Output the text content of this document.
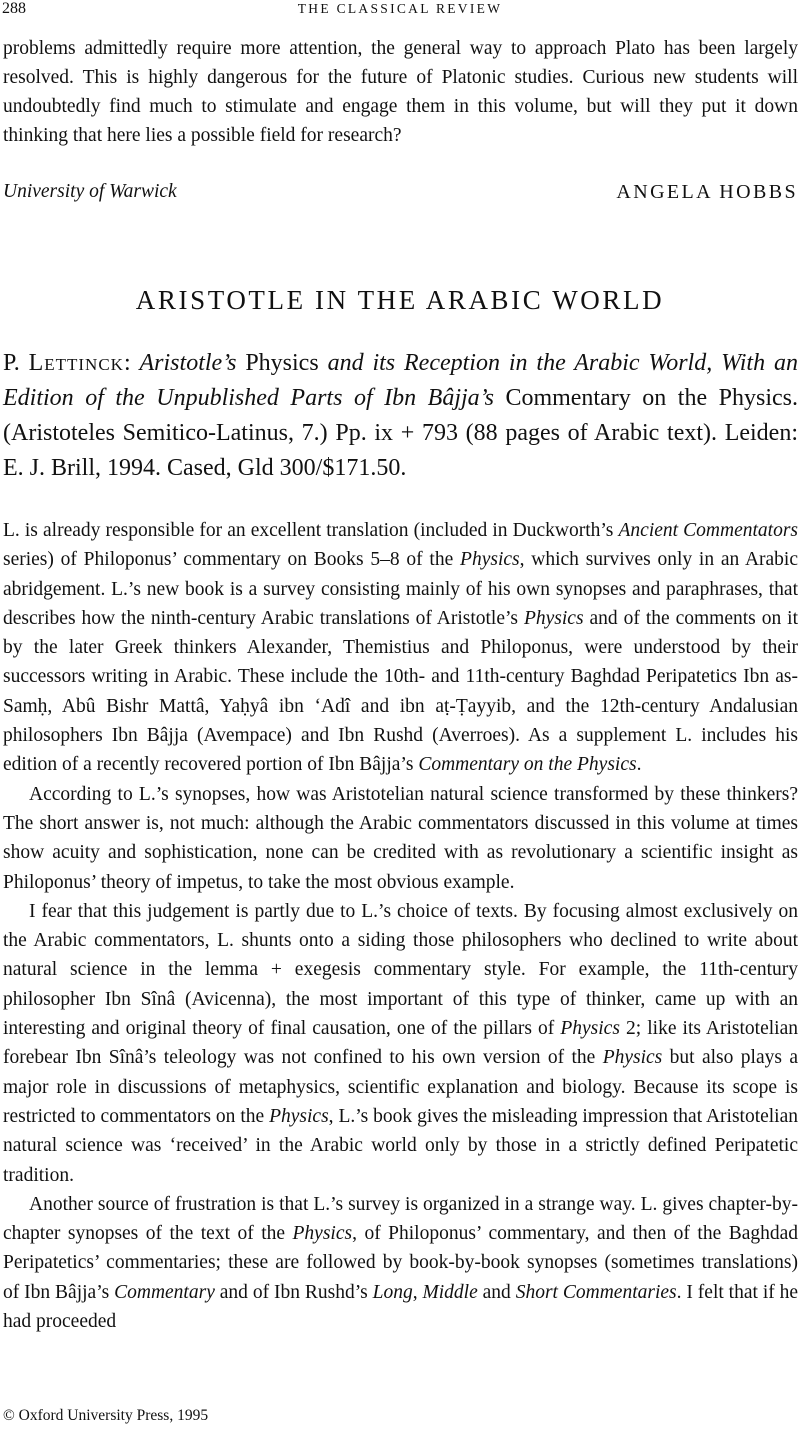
288	THE CLASSICAL REVIEW

problems admittedly require more attention, the general way to approach Plato has been largely resolved. This is highly dangerous for the future of Platonic studies. Curious new students will undoubtedly find much to stimulate and engage them in this volume, but will they put it down thinking that here lies a possible field for research?

University of Warwick	ANGELA HOBBS
ARISTOTLE IN THE ARABIC WORLD

P. Lettinck: Aristotle’s Physics and its Reception in the Arabic World, With an Edition of the Unpublished Parts of Ibn Bâjja’s Commentary on the Physics. (Aristoteles Semitico-Latinus, 7.) Pp. ix + 793 (88 pages of Arabic text). Leiden: E. J. Brill, 1994. Cased, Gld 300/$171.50.

L. is already responsible for an excellent translation (included in Duckworth’s Ancient Commentators series) of Philoponus’ commentary on Books 5–8 of the Physics, which survives only in an Arabic abridgement. L.’s new book is a survey consisting mainly of his own synopses and paraphrases, that describes how the ninth-century Arabic translations of Aristotle’s Physics and of the comments on it by the later Greek thinkers Alexander, Themistius and Philoponus, were understood by their successors writing in Arabic. These include the 10th- and 11th-century Baghdad Peripatetics Ibn as-Samḥ, Abû Bishr Mattâ, Yaḥyâ ibn ‘Adî and ibn aṭ-Ṭayyib, and the 12th-century Andalusian philosophers Ibn Bâjja (Avempace) and Ibn Rushd (Averroes). As a supplement L. includes his edition of a recently recovered portion of Ibn Bâjja’s Commentary on the Physics.

According to L.’s synopses, how was Aristotelian natural science transformed by these thinkers? The short answer is, not much: although the Arabic commentators discussed in this volume at times show acuity and sophistication, none can be credited with as revolutionary a scientific insight as Philoponus’ theory of impetus, to take the most obvious example.

I fear that this judgement is partly due to L.’s choice of texts. By focusing almost exclusively on the Arabic commentators, L. shunts onto a siding those philosophers who declined to write about natural science in the lemma + exegesis commentary style. For example, the 11th-century philosopher Ibn Sînâ (Avicenna), the most important of this type of thinker, came up with an interesting and original theory of final causation, one of the pillars of Physics 2; like its Aristotelian forebear Ibn Sînâ’s teleology was not confined to his own version of the Physics but also plays a major role in discussions of metaphysics, scientific explanation and biology. Because its scope is restricted to commentators on the Physics, L.’s book gives the misleading impression that Aristotelian natural science was ‘received’ in the Arabic world only by those in a strictly defined Peripatetic tradition.

Another source of frustration is that L.’s survey is organized in a strange way. L. gives chapter-by-chapter synopses of the text of the Physics, of Philoponus’ commentary, and then of the Baghdad Peripatetics’ commentaries; these are followed by book-by-book synopses (sometimes translations) of Ibn Bâjja’s Commentary and of Ibn Rushd’s Long, Middle and Short Commentaries. I felt that if he had proceeded

© Oxford University Press, 1995
